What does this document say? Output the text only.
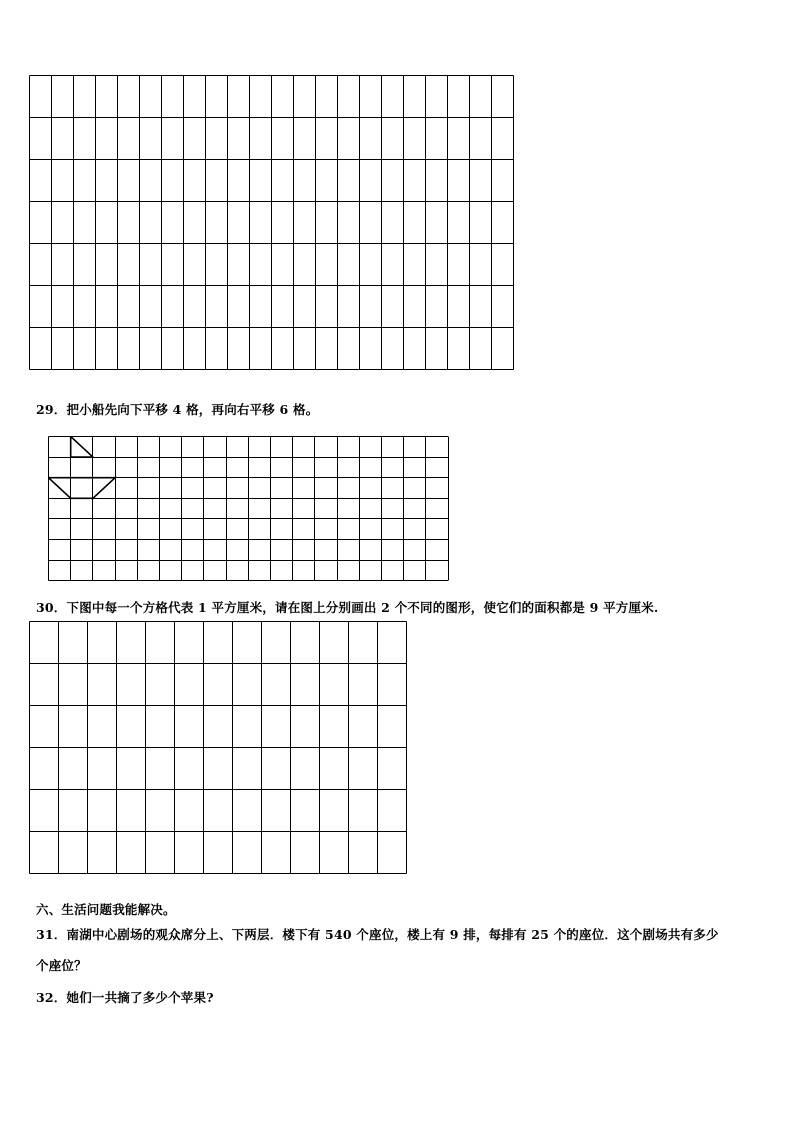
29．把小船先向下平移 4 格，再向右平移 6 格。
30．下图中每一个方格代表 1 平方厘米，请在图上分别画出 2 个不同的图形，使它们的面积都是 9 平方厘米.
六、生活问题我能解决。
31．南湖中心剧场的观众席分上、下两层．楼下有 540 个座位，楼上有 9 排，每排有 25 个的座位．这个剧场共有多少
个座位？
32．她们一共摘了多少个苹果?
